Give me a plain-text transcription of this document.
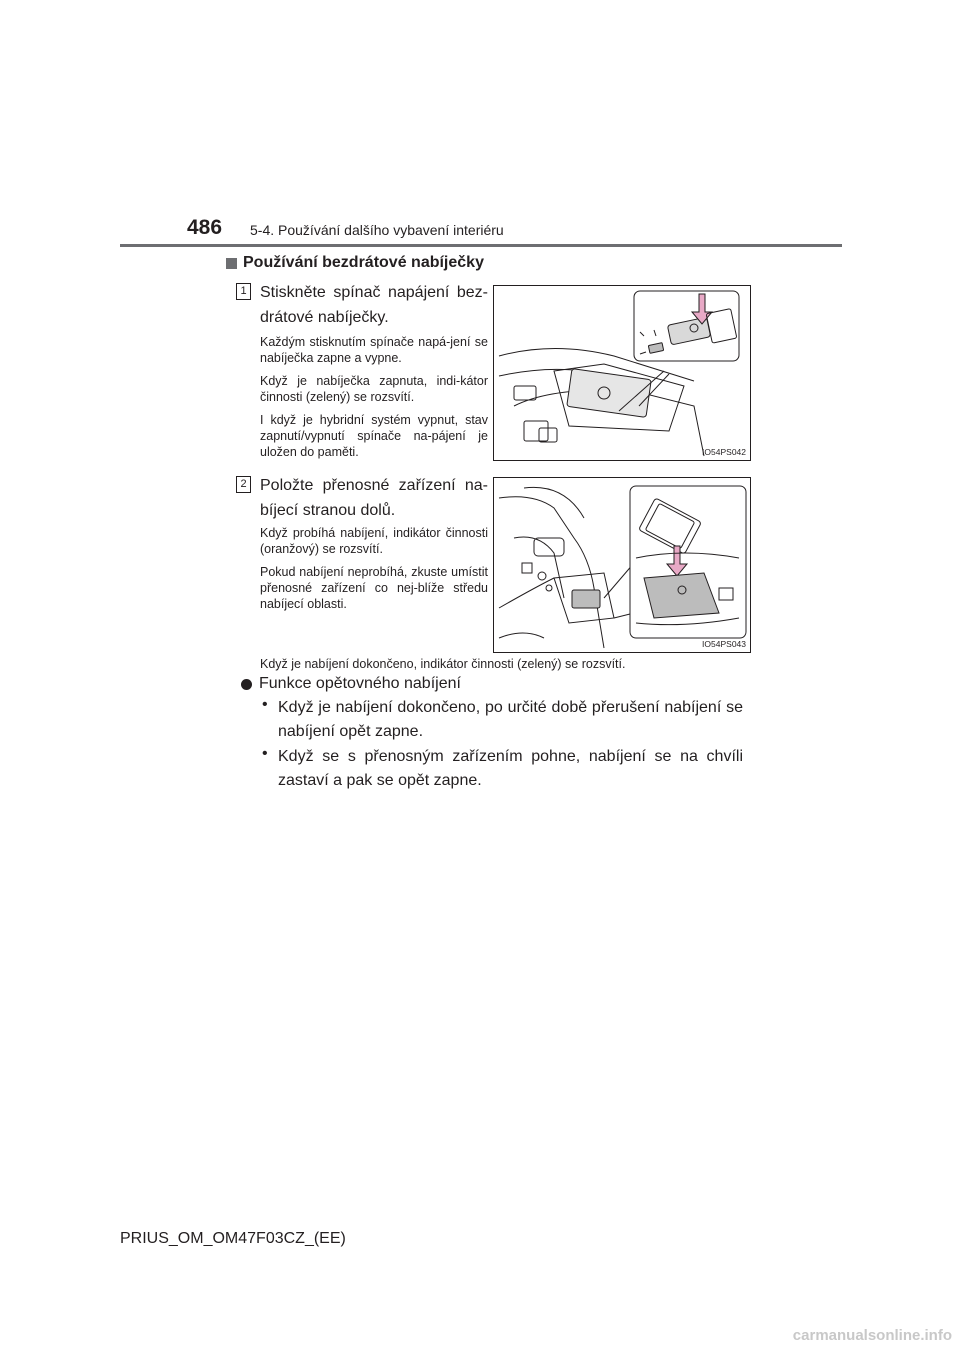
486 5-4. Používání dalšího vybavení interiéru
Používání bezdrátové nabíječky
1 Stiskněte spínač napájení bez-drátové nabíječky.
Každým stisknutím spínače napá-jení se nabíječka zapne a vypne.
Když je nabíječka zapnuta, indi-kátor činnosti (zelený) se rozsvítí.
I když je hybridní systém vypnut, stav zapnutí/vypnutí spínače na-pájení je uložen do paměti.	IO54PS042
2 Položte přenosné zařízení na-bíjecí stranou dolů.
Když probíhá nabíjení, indikátor činnosti (oranžový) se rozsvítí.
Pokud nabíjení neprobíhá, zkuste umístit přenosné zařízení co nej-blíže středu nabíjecí oblasti.
IO54PS043
Když je nabíjení dokončeno, indikátor činnosti (zelený) se rozsvítí.
Funkce opětovného nabíjení
• Když je nabíjení dokončeno, po určité době přerušení nabíjení se nabíjení opět zapne.
• Když se s přenosným zařízením pohne, nabíjení se na chvíli zastaví a pak se opět zapne.
PRIUS_OM_OM47F03CZ_(EE)
carmanualsonline.info
